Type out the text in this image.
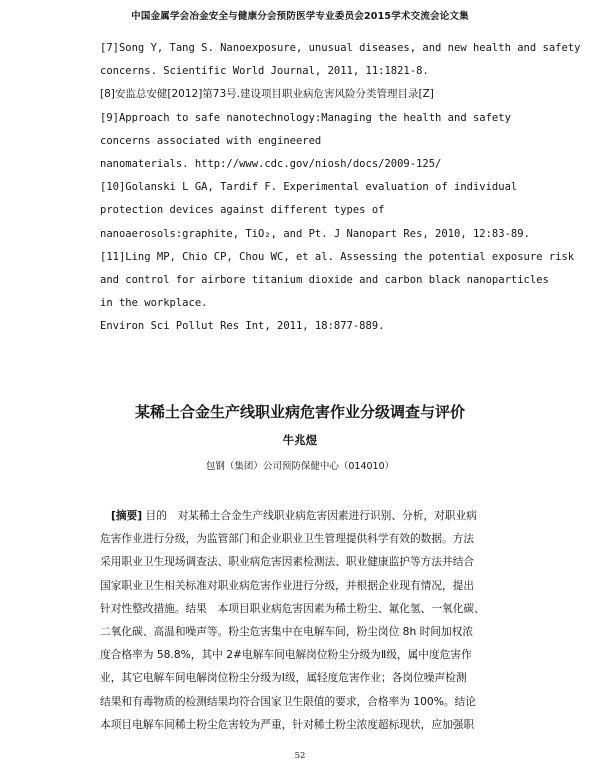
中国金属学会冶金安全与健康分会预防医学专业委员会2015学术交流会论文集
[7]Song Y, Tang S. Nanoexposure, unusual diseases, and new health and safety
concerns. Scientific World Journal, 2011, 11:1821-8.
[8]安监总安健[2012]第73号.建设项目职业病危害风险分类管理目录[Z]
[9]Approach to safe nanotechnology:Managing the health and safety
concerns associated with engineered
nanomaterials. http://www.cdc.gov/niosh/docs/2009-125/
[10]Golanski L GA, Tardif F. Experimental evaluation of individual
protection devices against different types of
nanoaerosols:graphite, TiO₂, and Pt. J Nanopart Res, 2010, 12:83-89.
[11]Ling MP, Chio CP, Chou WC, et al. Assessing the potential exposure risk
and control for airbore titanium dioxide and carbon black nanoparticles
in the workplace.
Environ Sci Pollut Res Int, 2011, 18:877-889.
某稀土合金生产线职业病危害作业分级调查与评价
牛兆煜
包钢（集团）公司预防保健中心（014010）
[摘要] 目的　对某稀土合金生产线职业病危害因素进行识别、分析，对职业病
危害作业进行分级，为监管部门和企业职业卫生管理提供科学有效的数据。方法
采用职业卫生现场调查法、职业病危害因素检测法、职业健康监护等方法并结合
国家职业卫生相关标准对职业病危害作业进行分级，并根据企业现有情况，提出
针对性整改措施。结果　本项目职业病危害因素为稀土粉尘、氟化氢、一氧化碳、
二氧化碳、高温和噪声等。粉尘危害集中在电解车间，粉尘岗位 8h 时间加权浓
度合格率为 58.8%，其中 2#电解车间电解岗位粉尘分级为Ⅱ级，属中度危害作
业，其它电解车间电解岗位粉尘分级为Ⅰ级，属轻度危害作业；各岗位噪声检测
结果和有毒物质的检测结果均符合国家卫生限值的要求，合格率为 100%。结论
本项目电解车间稀土粉尘危害较为严重，针对稀土粉尘浓度超标现状，应加强职
52
